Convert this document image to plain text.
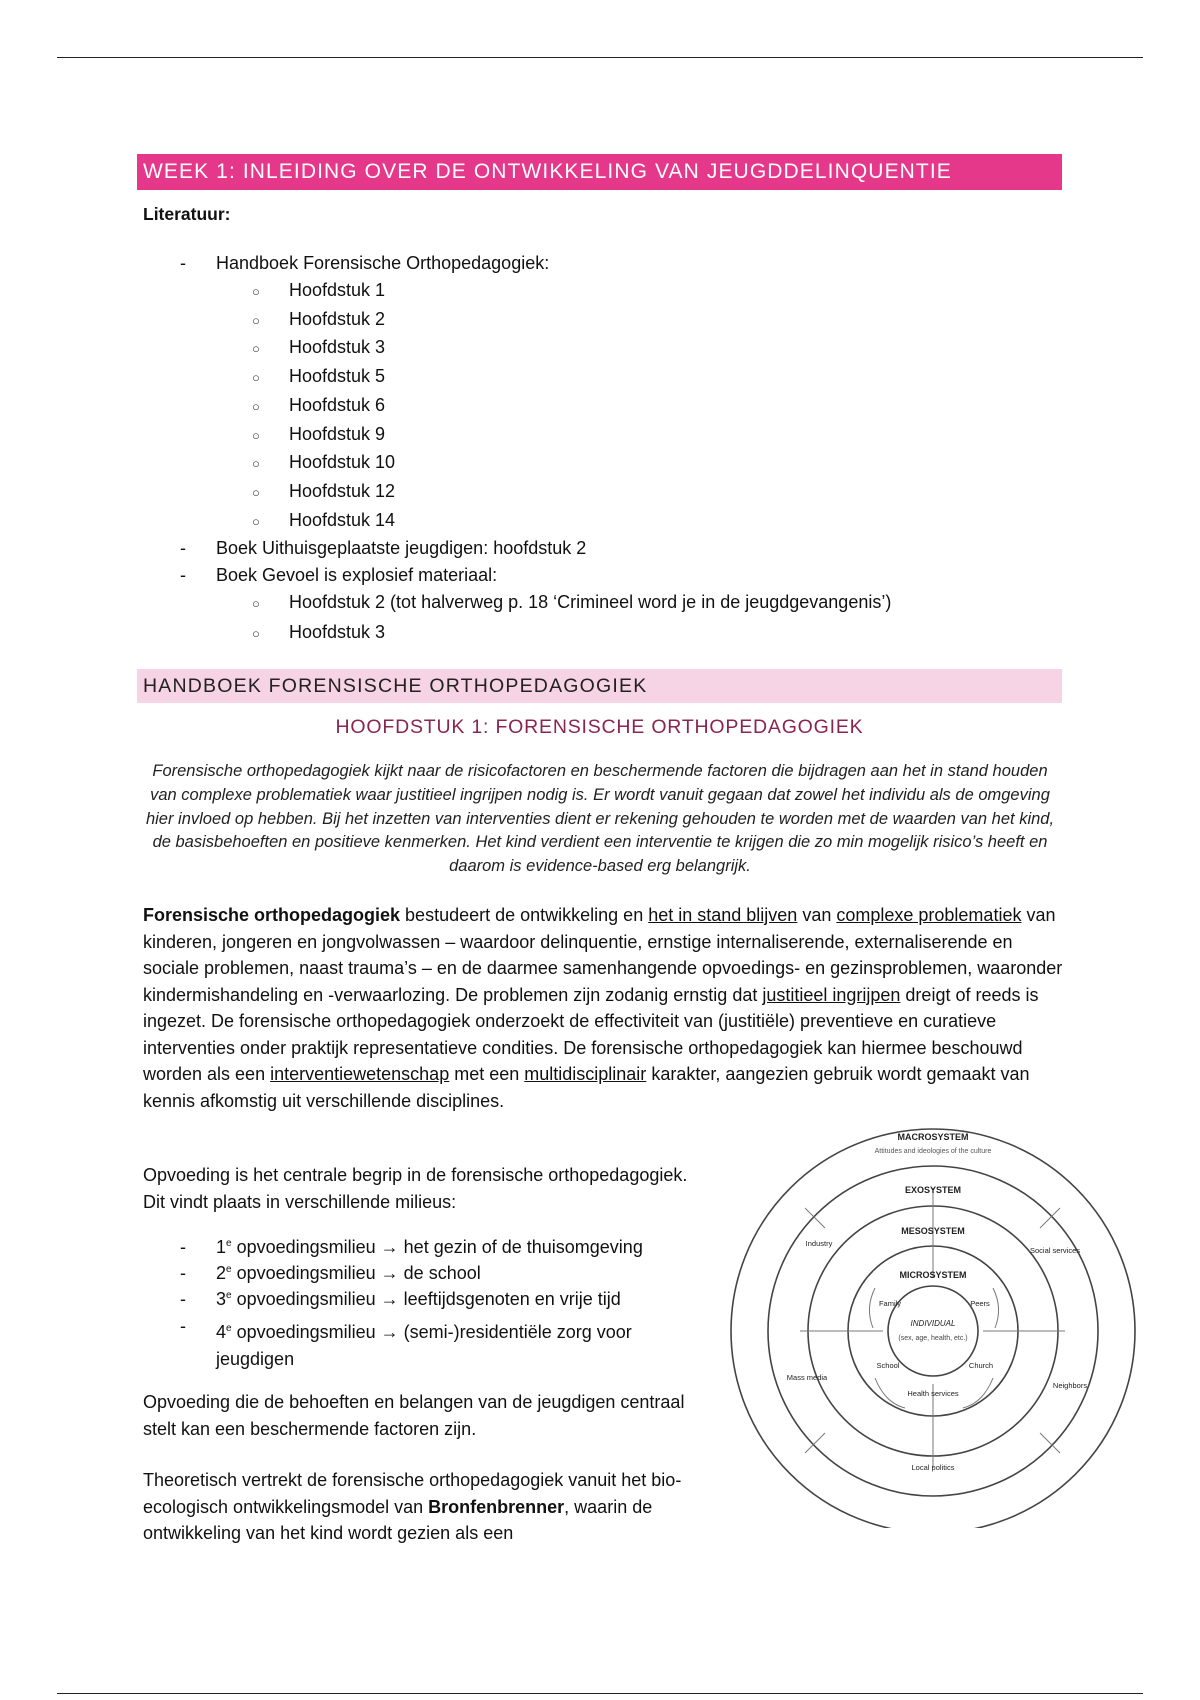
WEEK 1: INLEIDING OVER DE ONTWIKKELING VAN JEUGDDELINQUENTIE
Literatuur:
- Handboek Forensische Orthopedagogiek:
○ Hoofdstuk 1
○ Hoofdstuk 2
○ Hoofdstuk 3
○ Hoofdstuk 5
○ Hoofdstuk 6
○ Hoofdstuk 9
○ Hoofdstuk 10
○ Hoofdstuk 12
○ Hoofdstuk 14
- Boek Uithuisgeplaatste jeugdigen: hoofdstuk 2
- Boek Gevoel is explosief materiaal:
○ Hoofdstuk 2 (tot halverweg p. 18 ‘Crimineel word je in de jeugdgevangenis’)
○ Hoofdstuk 3
HANDBOEK FORENSISCHE ORTHOPEDAGOGIEK
HOOFDSTUK 1: FORENSISCHE ORTHOPEDAGOGIEK
Forensische orthopedagogiek kijkt naar de risicofactoren en beschermende factoren die bijdragen aan het in stand houden van complexe problematiek waar justitieel ingrijpen nodig is. Er wordt vanuit gegaan dat zowel het individu als de omgeving hier invloed op hebben. Bij het inzetten van interventies dient er rekening gehouden te worden met de waarden van het kind, de basisbehoeften en positieve kenmerken. Het kind verdient een interventie te krijgen die zo min mogelijk risico’s heeft en daarom is evidence-based erg belangrijk.
Forensische orthopedagogiek bestudeert de ontwikkeling en het in stand blijven van complexe problematiek van kinderen, jongeren en jongvolwassen – waardoor delinquentie, ernstige internaliserende, externaliserende en sociale problemen, naast trauma’s – en de daarmee samenhangende opvoedings- en gezinsproblemen, waaronder kindermishandeling en -verwaarlozing. De problemen zijn zodanig ernstig dat justitieel ingrijpen dreigt of reeds is ingezet. De forensische orthopedagogiek onderzoekt de effectiviteit van (justitiële) preventieve en curatieve interventies onder praktijk representatieve condities. De forensische orthopedagogiek kan hiermee beschouwd worden als een interventiewetenschap met een multidisciplinair karakter, aangezien gebruik wordt gemaakt van kennis afkomstig uit verschillende disciplines.
Opvoeding is het centrale begrip in de forensische orthopedagogiek. Dit vindt plaats in verschillende milieus:
- 1e opvoedingsmilieu → het gezin of de thuisomgeving
- 2e opvoedingsmilieu → de school
- 3e opvoedingsmilieu → leeftijdsgenoten en vrije tijd
- 4e opvoedingsmilieu → (semi-)residentiële zorg voor jeugdigen
Opvoeding die de behoeften en belangen van de jeugdigen centraal stelt kan een beschermende factoren zijn.
Theoretisch vertrekt de forensische orthopedagogiek vanuit het bio-ecologisch ontwikkelingsmodel van Bronfenbrenner, waarin de ontwikkeling van het kind wordt gezien als een
MACROSYSTEM
Attitudes and ideologies of the culture
EXOSYSTEM
MESOSYSTEM
MICROSYSTEM
INDIVIDUAL
(sex, age, health, etc.)
Family	Peers
School	Church
Health services
Industry
Social services
Mass media
Neighbors
Local politics
